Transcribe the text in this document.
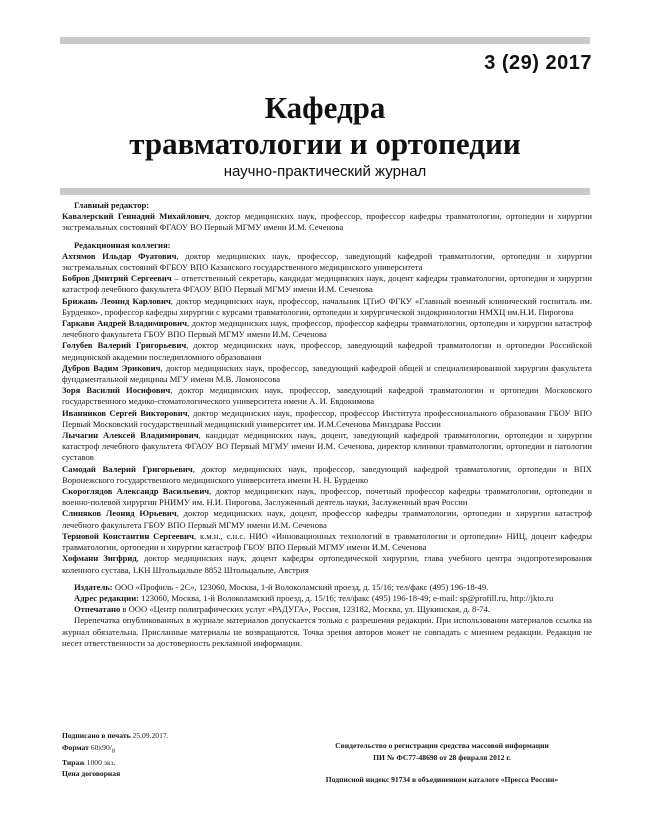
3 (29) 2017
Кафедра
травматологии и ортопедии
научно-практический журнал

Главный редактор:

Кавалерский Геннадий Михайлович, доктор медицинских наук, профессор, профессор кафедры травматологии, ортопедии и хирургии экстремальных состояний ФГАОУ ВО Первый МГМУ имени И.М. Сеченова

Редакционная коллегия:

Ахтямов Ильдар Фуатович, доктор медицинских наук, профессор, заведующий кафедрой травматологии, ортопедии и хирургии экстремальных состояний ФГБОУ ВПО Казанского государственного медицинского университета

Бобров Дмитрий Сергеевич – ответственный секретарь, кандидат медицинских наук, доцент кафедры травматологии, ортопедии и хирургии катастроф лечебного факультета ФГАОУ ВПО Первый МГМУ имени И.М. Сеченова

Брижань Леонид Карлович, доктор медицинских наук, профессор, начальник ЦТиО ФГКУ «Главный военный клинический госпиталь им. Бурденко», профессор кафедры хирургии с курсами травматологии, ортопедии и хирургической эндокринологии НМХЦ им.Н.И. Пирогова

Гаркави Андрей Владимирович, доктор медицинских наук, профессор, профессор кафедры травматологии, ортопедии и хирургии катастроф лечебного факультета ГБОУ ВПО Первый МГМУ имени И.М. Сеченова

Голубев Валерий Григорьевич, доктор медицинских наук, профессор, заведующий кафедрой травматологии и ортопедии Российской медицинской академии последипломного образования

Дубров Вадим Эрикович, доктор медицинских наук, профессор, заведующий кафедрой общей и специализированной хирургии факультета фундаментальной медицины МГУ имени М.В. Ломоносова

Зоря Василий Иосифович, доктор медицинских наук, профессор, заведующий кафедрой травматологии и ортопедии Московского государственного медико-стоматологического университета имени А. И. Евдокимова

Иванников Сергей Викторович, доктор медицинских наук, профессор, профессор Института профессионального образования ГБОУ ВПО Первый Московский государственный медицинский университет им. И.М.Сеченова Минздрава России

Лычагин Алексей Владимирович, кандидат медицинских наук, доцент, заведующий кафедрой травматологии, ортопедии и хирургии катастроф лечебного факультета ФГАОУ ВО Первый МГМУ имени И.М. Сеченова, директор клиники травматологии, ортопедии и патологии суставов

Самодай Валерий Григорьевич, доктор медицинских наук, профессор, заведующий кафедрой травматологии, ортопедии и ВПХ Воронежского государственного медицинского университета имени Н. Н. Бурденко

Скороглядов Александр Васильевич, доктор медицинских наук, профессор, почетный профессор кафедры травматологии, ортопедии и военно-полевой хирургии РНИМУ им. Н.И. Пирогова, Заслуженный деятель науки, Заслуженный врач России

Слиняков Леонид Юрьевич, доктор медицинских наук, доцент, профессор кафедры травматологии, ортопедии и хирургии катастроф лечебного факультета ГБОУ ВПО Первый МГМУ имени И.М. Сеченова

Терновой Константин Сергеевич, к.м.н., с.н.с. НИО «Инновационных технологий в травматологии и ортопедии» НИЦ, доцент кафедры травматологии, ортопедии и хирургии катастроф ГБОУ ВПО Первый МГМУ имени И.М. Сеченова

Хофманн Зигфрид, доктор медицинских наук, доцент кафедры ортопедической хирургии, глава учебного центра эндопротезирования коленного сустава, LKH Штольцальпе 8852 Штольцальпе, Австрия

Издатель: ООО «Профиль - 2С», 123060, Москва, 1-й Волоколамский проезд, д. 15/16; тел/факс (495) 196-18-49.

Адрес редакции: 123060, Москва, 1-й Волоколамский проезд, д. 15/16; тел/факс (495) 196-18-49; e-mail: sp@profill.ru, http://jkto.ru

Отпечатано в ООО «Центр полиграфических услуг «РАДУГА», Россия, 123182, Москва, ул. Щукинская, д. 8-74.

Перепечатка опубликованных в журнале материалов допускается только с разрешения редакции. При использовании материалов ссылка на журнал обязательна. Присланные материалы не возвращаются. Точка зрения авторов может не совпадать с мнением редакции. Редакция не несет ответственности за достоверность рекламной информации.

Подписано в печать 25.09.2017.
Формат $60х90/_8$
Тираж 1000 экз.
Цена договорная
Свидетельство о регистрации средства массовой информации
ПИ № ФС77-48698 от 28 февраля 2012 г.
Подписной индекс 91734 в объединенном каталоге «Пресса России»
